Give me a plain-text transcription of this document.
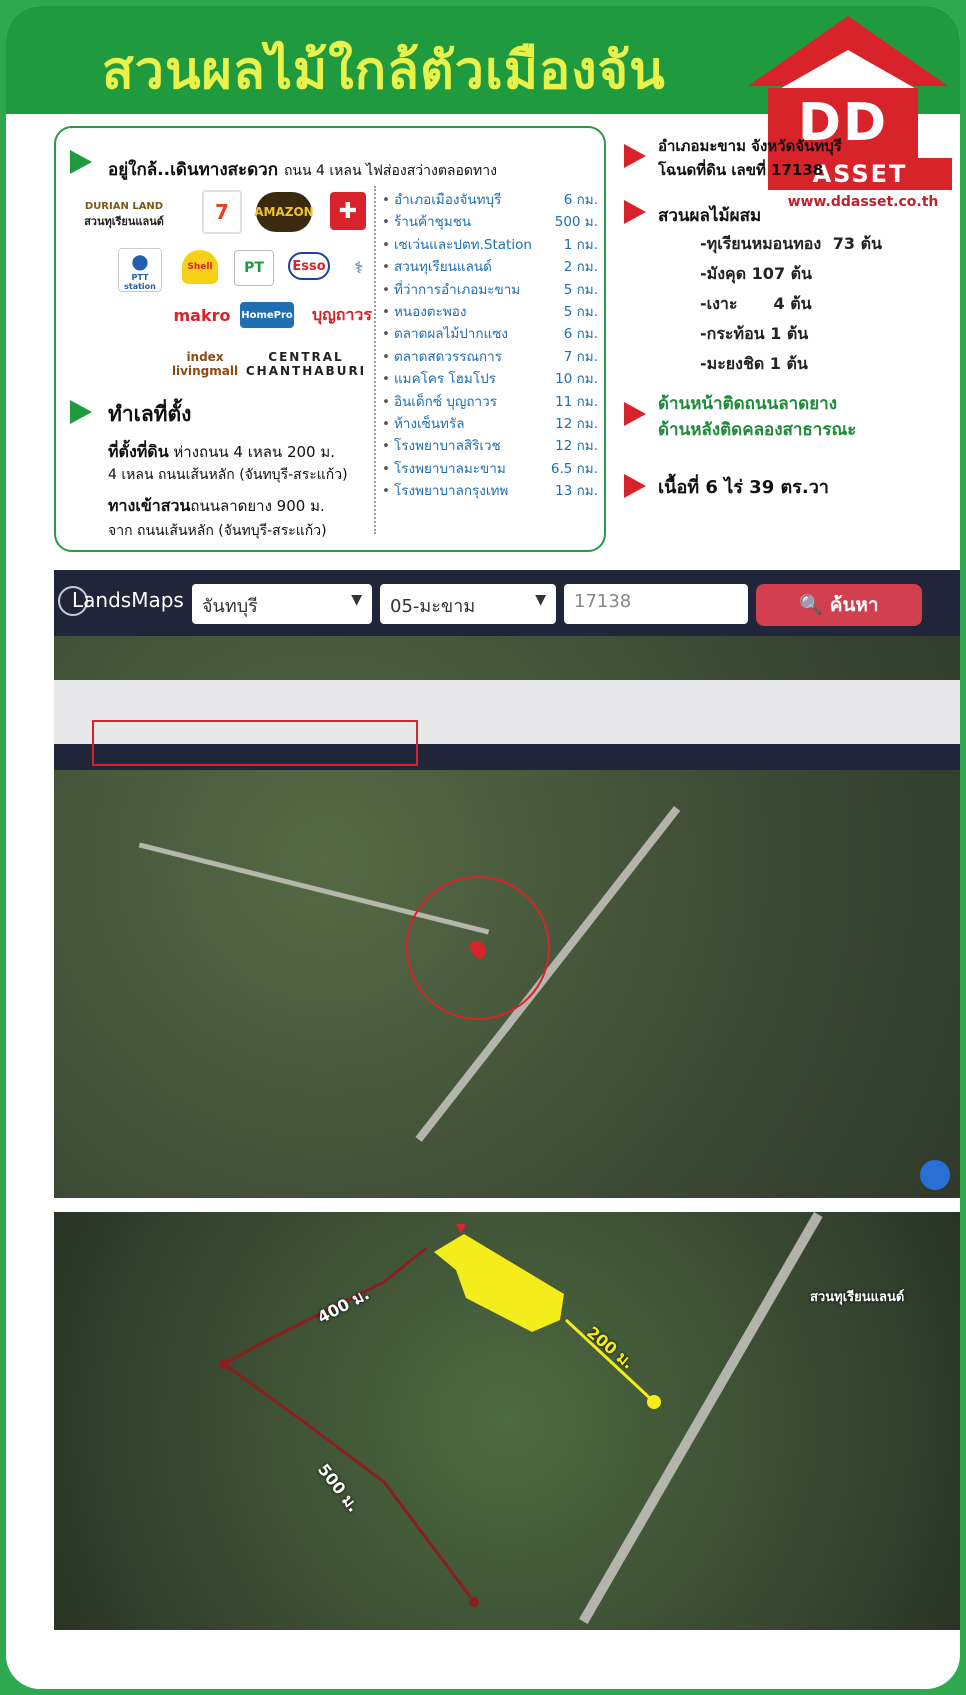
สวนผลไม้ใกล้ตัวเมืองจัน
DD
ASSET
www.ddasset.co.th
อยู่ใกล้..เดินทางสะดวก ถนน 4 เหลน ไฟส่องสว่างตลอดทาง
DURIAN LAND
สวนทุเรียนแลนด์	7 AMAZON	✚
●
PTT station
Shell	PT	Esso	⚕
makro HomePro	บุญถาวร
index livingmall
CENTRAL CHANTHABURI
• อำเภอเมืองจันทบุรี	6 กม.
• ร้านค้าชุมชน	500 ม.
• เซเว่นและปตท.Station 1 กม.
• สวนทุเรียนแลนด์	2 กม.
• ที่ว่าการอำเภอมะขาม	5 กม.
• หนองตะพอง	5 กม.
• ตลาดผลไม้ปากแซง	6 กม.
• ตลาดสดวรรณการ	7 กม.
• แมคโคร โฮมโปร	10 กม.
• อินเด็กซ์ บุญถาวร	11 กม.
• ห้างเซ็นทรัล	12 กม.
• โรงพยาบาลสิริเวช	12 กม.
• โรงพยาบาลมะขาม	6.5 กม.
• โรงพยาบาลกรุงเทพ	13 กม.
ทำเลที่ตั้ง
ที่ตั้งที่ดิน ห่างถนน 4 เหลน 200 ม.
4 เหลน ถนนเส้นหลัก (จันทบุรี-สระแก้ว)
ทางเข้าสวนถนนลาดยาง 900 ม.
จาก ถนนเส้นหลัก (จันทบุรี-สระแก้ว)
อำเภอมะขาม จังหวัดจันทบุรี
โฉนดที่ดิน เลขที่ 17138
สวนผลไม้ผสม
-ทุเรียนหมอนทอง 73 ต้น
-มังคุด 107 ต้น
-เงาะ 4 ต้น
-กระท้อน 1 ต้น
-มะยงชิด 1 ต้น
ด้านหน้าติดถนนลาดยาง
ด้านหลังติดคลองสาธารณะ
เนื้อที่ 6 ไร่ 39 ตร.วา
LandsMaps	จันทบุรี	▼	05-มะขาม	▼	17138	🔍 ค้นหา
400 ม.
200 ม.
500 ม.
สวนทุเรียนแลนด์
